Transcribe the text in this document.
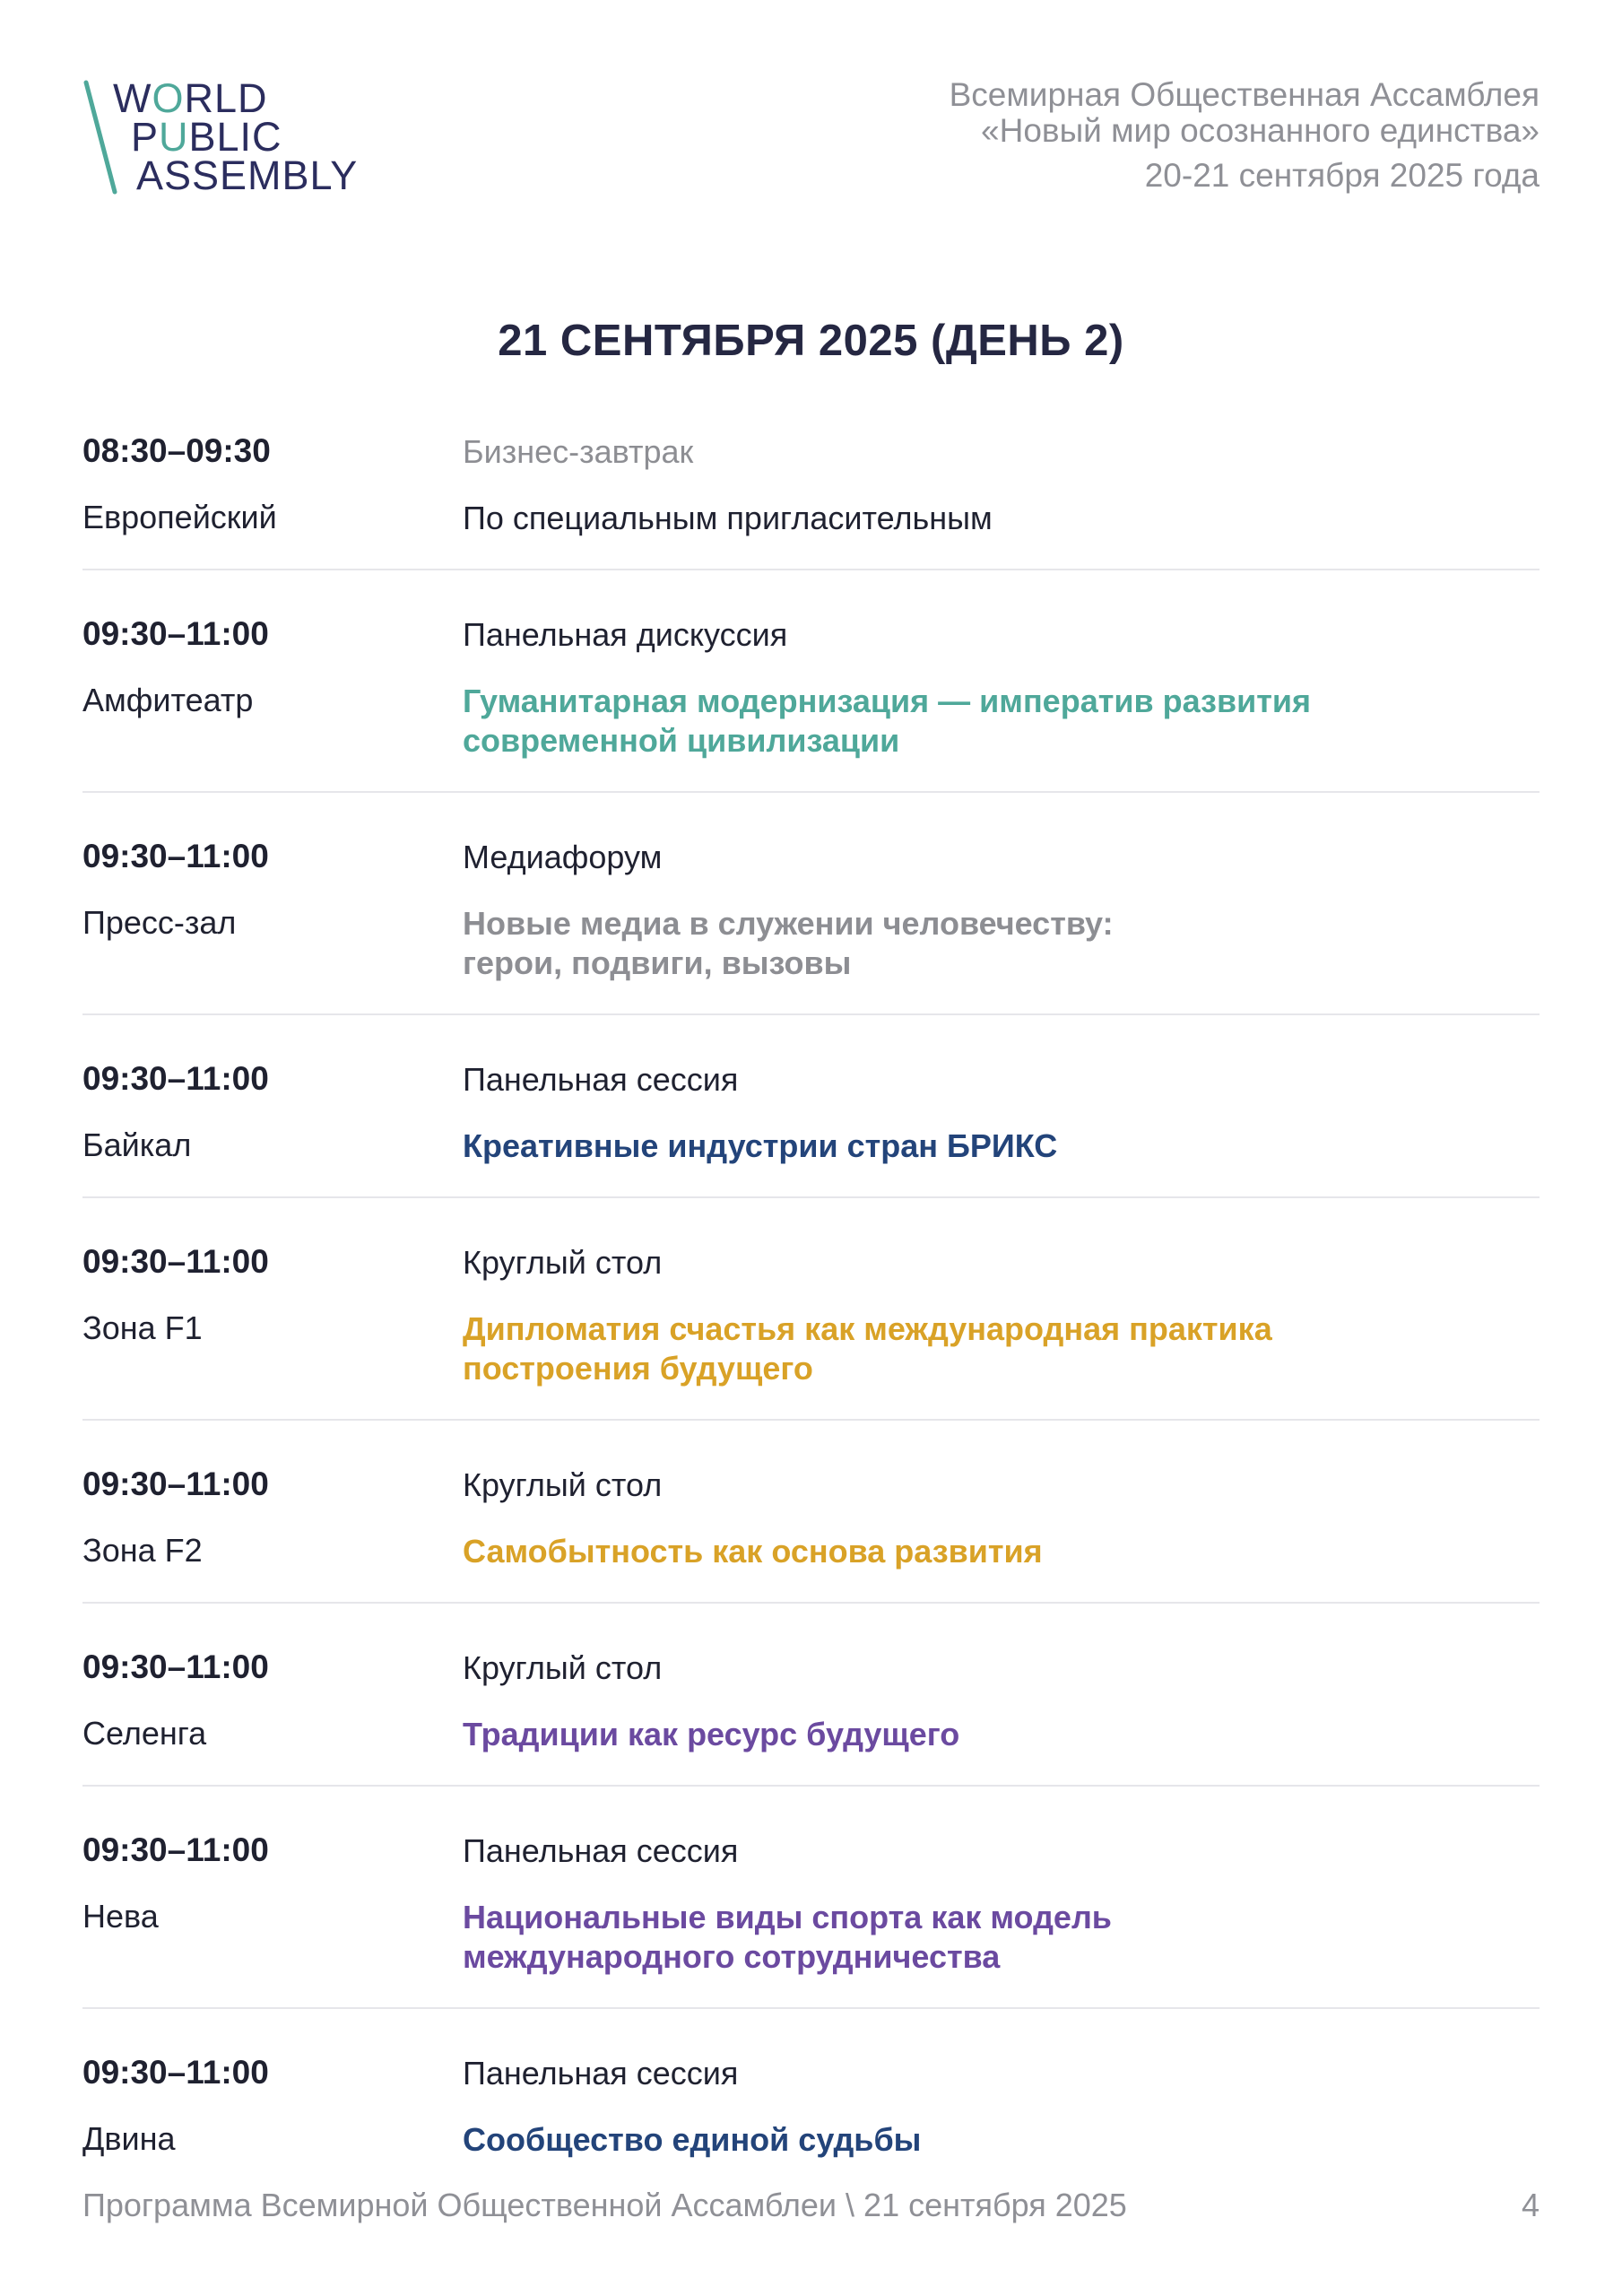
WORLD
PUBLIC
ASSEMBLY
Всемирная Общественная Ассамблея
«Новый мир осознанного единства»
20-21 сентября 2025 года
21 СЕНТЯБРЯ 2025 (ДЕНЬ 2)
08:30–09:30
Европейский
Бизнес-завтрак
По специальным пригласительным
09:30–11:00
Амфитеатр
Панельная дискуссия
Гуманитарная модернизация — императив развития
современной цивилизации
09:30–11:00
Пресс-зал
Медиафорум
Новые медиа в служении человечеству:
герои, подвиги, вызовы
09:30–11:00
Байкал
Панельная сессия
Креативные индустрии стран БРИКС
09:30–11:00
Зона F1
Круглый стол
Дипломатия счастья как международная практика
построения будущего
09:30–11:00
Зона F2
Круглый стол
Самобытность как основа развития
09:30–11:00
Селенга
Круглый стол
Традиции как ресурс будущего
09:30–11:00
Нева
Панельная сессия
Национальные виды спорта как модель
международного сотрудничества
09:30–11:00
Двина
Панельная сессия
Сообщество единой судьбы
Программа Всемирной Общественной Ассамблеи \ 21 сентября 2025	4
